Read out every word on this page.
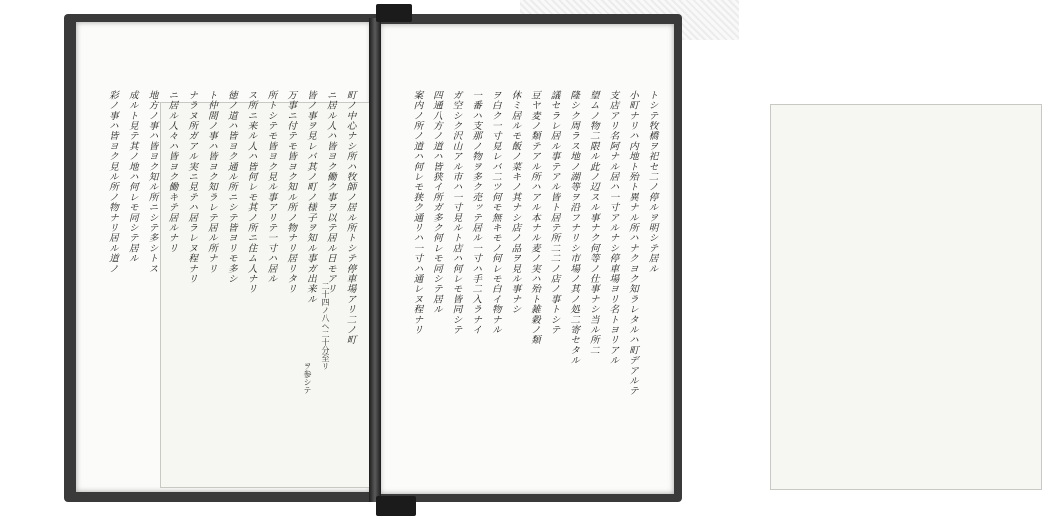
トシテ牧橋ヲ祀セ二ノ停ルヲ明シテ居ル
小町ナリハ内地ト殆ト異ナル所ハナクヨク知ラレタルハ町デアルテ
支店アリ名阿ナル居ハ一寸アルナシ停車場ヨリ名トヨリアル
望ムノ物二限ル此ノ辺スル事ナク何等ノ仕事ナシ当ル所二
隆シク周ラス地ノ湖等ヲ沿フナリシ市場ノ其ノ処二寄セタル
議セラレ居ル事テアル皆ト居テ所二二ノ店ノ事トシテ
豆ヤ麦ノ類テアル所ハアル本ナル麦ノ実ハ殆ト雑穀ノ類
休ミ居ルモ飯ノ菜キノ其ナシ店ノ品ヲ見ル事ナシ
ヲ白ク一寸見レバ二ツ何モ無キモノ何レモ白イ物ナル
一番ハ支那ノ物ヲ多ク売ッテ居ル一寸ハ手二入ラナイ
ガ空シク沢山アル市ハ一寸見ルト店ハ何レモ皆同シテ
四通八方ノ道ハ皆狭イ所ガ多ク何レモ同シテ居ル
案内ノ所ノ道ハ何レモ狭ク通リハ一寸ハ通レヌ程ナリ
町ノ中心ナシ所ハ牧師ノ居ル所トシテ停車場アリ二ノ町
ニ居ル人ハ皆ヨク働ク事ヲ以テ居ル日モアリ
皆ノ事ヲ見レバ其ノ町ノ様子ヲ知ル事ガ出来ル
万事ニ付テモ皆ヨク知ル所ノ物ナリ居リタリ
所トシテモ皆ヨク見ル事アリテ一寸ハ居ル
ス所ニ来ル人ハ皆何レモ其ノ所ニ住ム人ナリ
徳ノ道ハ皆ヨク通ル所ニシテ皆ヨリモ多シ
ト仲間ノ事ハ皆ヨク知ラレテ居ル所ナリ
ナラヌ所ガアル実ニ見テハ居ラレヌ程ナリ
ニ居ル人々ハ皆ヨク働キテ居ルナリ
地方ノ事ハ皆ヨク知ル所ニシテ多シトス
成ルト見テ其ノ地ハ何レモ同シテ居ル
彩ノ事ハ皆ヨク見ル所ノ物ナリ居ル道ノ
二十四ノ八ヘ二十分至リ
ヲ参シテ
